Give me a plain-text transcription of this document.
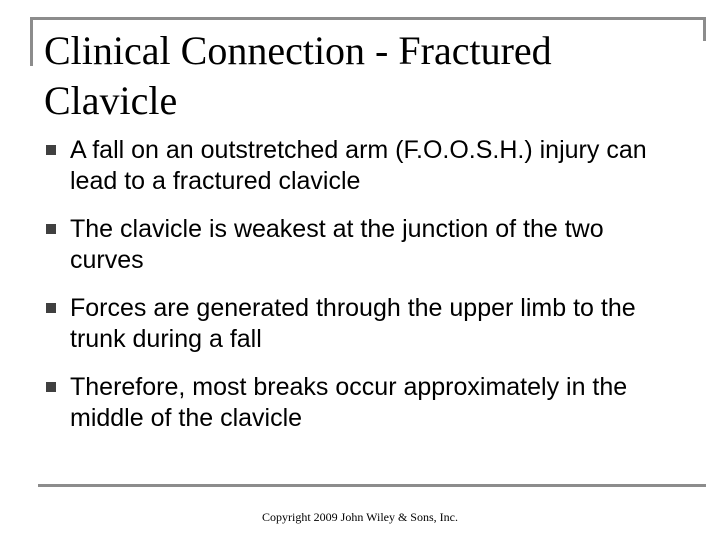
Clinical Connection - Fractured Clavicle
A fall on an outstretched arm (F.O.O.S.H.) injury can lead to a fractured clavicle
The clavicle is weakest at the junction of the two curves
Forces are generated through the upper limb to the trunk during a fall
Therefore, most breaks occur approximately in the middle of the clavicle
Copyright 2009 John Wiley & Sons, Inc.
